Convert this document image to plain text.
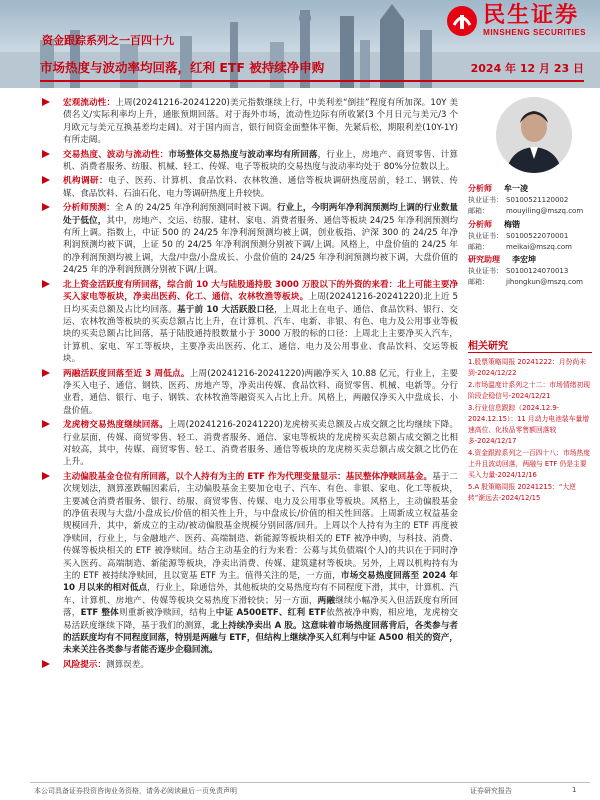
民生证券
MINSHENG SECURITIES
资金跟踪系列之一百四十九
市场热度与波动率均回落，红利 ETF 被持续净申购	2024 年 12 月 23 日
宏观流动性：上周(20241216-20241220)美元指数继续上行，中美利差“倒挂”程度有所加深。10Y 美债名义/实际利率均上升，通胀预期回落。对于海外市场，流动性边际有所收紧(3 个月日元与美元/3 个月欧元与美元互换基差均走阔)。对于国内而言，银行间资金面整体平衡，先紧后松，期限利差(10Y-1Y)有所走阔。
交易热度、波动与流动性：市场整体交易热度与波动率均有所回落，行业上，房地产、商贸零售、计算机、消费者服务、纺服、机械、轻工、传媒、电子等板块的交易热度与波动率均处于 80%分位数以上。
机构调研：电子、医药、计算机、食品饮料、农林牧渔、通信等板块调研热度居前，轻工、钢铁、传媒、食品饮料、石油石化、电力等调研热度上升较快。
分析师预测：全 A 的 24/25 年净利润预测同时被下调。行业上，今明两年净利润预测均上调的行业数量处于低位，其中，房地产、交运、纺服、建材、家电、消费者服务、通信等板块 24/25 年净利润预测均有所上调。指数上，中证 500 的 24/25 年净利润预测均被上调，创业板指、沪深 300 的 24/25 年净利润预测均被下调，上证 50 的 24/25 年净利润预测分别被下调/上调。风格上，中盘价值的 24/25 年的净利润预测均被上调，大盘/中盘/小盘成长、小盘价值的 24/25 年净利润预测均被下调，大盘价值的 24/25 年的净利润预测分别被下调/上调。
北上资金活跃度有所回落，综合前 10 大与陆股通持股 3000 万股以下的外资的来看：北上可能主要净买入家电等板块，净卖出医药、化工、通信、农林牧渔等板块。上周(20241216-20241220)北上近 5 日均买卖总额及占比均回落。基于前 10 大活跃股口径，上周北上在电子、通信、食品饮料、银行、交运、农林牧渔等板块的买卖总额占比上升，在计算机、汽车、电新、非银、有色、电力及公用事业等板块的买卖总额占比回落，基于陆股通持股数量小于 3000 万股的标的口径：上周北上主要净买入汽车，计算机、家电、军工等板块，主要净卖出医药、化工、通信、电力及公用事业、食品饮料、交运等板块。
两融活跃度回落至近 3 周低点。上周(20241216-20241220)两融净买入 10.88 亿元，行业上，主要净买入电子、通信、钢铁、医药、房地产等，净卖出传媒、食品饮料、商贸零售、机械、电新等。分行业看，通信、银行、电子、钢铁、农林牧渔等融资买入占比上升。风格上，两融仅净买入中盘成长、小盘价值。
龙虎榜交易热度继续回落。上周(20241216-20241220)龙虎榜买卖总额及占成交额之比均继续下降。行业层面，传媒、商贸零售、轻工、消费者服务、通信、家电等板块的龙虎榜买卖总额占成交额之比相对较高，其中，传媒、商贸零售、轻工、消费者服务、通信等板块的龙虎榜买卖总额占成交额之比仍在上升。
主动偏股基金仓位有所回落，以个人持有为主的 ETF 作为代理变量显示：基民整体净赎回基金。基于二次规划法，测算涨跌幅因素后，主动偏股基金主要加仓电子、汽车、有色、非银、家电、化工等板块，主要减仓消费者服务、银行、纺服、商贸零售、传媒、电力及公用事业等板块。风格上，主动偏股基金的净值表现与大盘/小盘成长/价值的相关性上升，与中盘成长/价值的相关性回落。上周新成立权益基金规模回升，其中，新成立的主动/被动偏股基金规模分别回落/回升。上周以个人持有为主的 ETF 再度被净赎回，行业上，与金融地产、医药、高端制造、新能源等板块相关的 ETF 被净申购，与科技、消费、传媒等板块相关的 ETF 被净赎回。结合主动基金的行为来看：公募与其负债端(个人)的共识在于同时净买入医药、高端制造、新能源等板块，净卖出消费、传媒、建筑建材等板块。另外，上周以机构持有为主的 ETF 被持续净赎回，且以宽基 ETF 为主。值得关注的是，一方面，市场交易热度回落至 2024 年 10 月以来的相对低点，行业上，除通信外，其他板块的交易热度均有不同程度下滑，其中，计算机、汽车、计算机、房地产、传媒等板块交易热度下滑较快；另一方面，两融继续小幅净买入但活跃度有所回落，ETF 整体则重新被净赎回，结构上中证 A500ETF、红利 ETF依然被净申购，相应地，龙虎榜交易活跃度继续下降，基于我们的测算，北上持续净卖出 A 股。这意味着市场热度回落背后，各类参与者的活跃度均有不同程度回落，特别是两融与 ETF，但结构上继续净买入红利与中证 A500 相关的资产，未来关注各类参与者能否逐步企稳回流。
风险提示：测算误差。
分析师 牟一凌
执业证书： S0100521120002
邮箱： mouyiling@mszq.com
分析师 梅锴
执业证书： S0100522070001
邮箱： meikai@mszq.com
研究助理 李宏坤
执业证书： S0100124070013
邮箱： jihongkun@mszq.com
相关研究
1.股票策略周报 20241222：月份尚未到-2024/12/22
2.市场温度计系列之十二：市场情绪初现阶段企稳信号-2024/12/21
3.行业信息跟踪（2024.12.9-2024.12.15）：11 月动力电池装车量增速高位、化妆品零售额回落较多-2024/12/17
4.资金跟踪系列之一百四十八：市场热度上升且波动回落，两融与 ETF 仍是主要买入力量-2024/12/16
5.A 股策略周报 20241215：“大逆转”渐远去-2024/12/15
本公司具备证券投资咨询业务资格，请务必阅读最后一页免责声明	证券研究报告	1
